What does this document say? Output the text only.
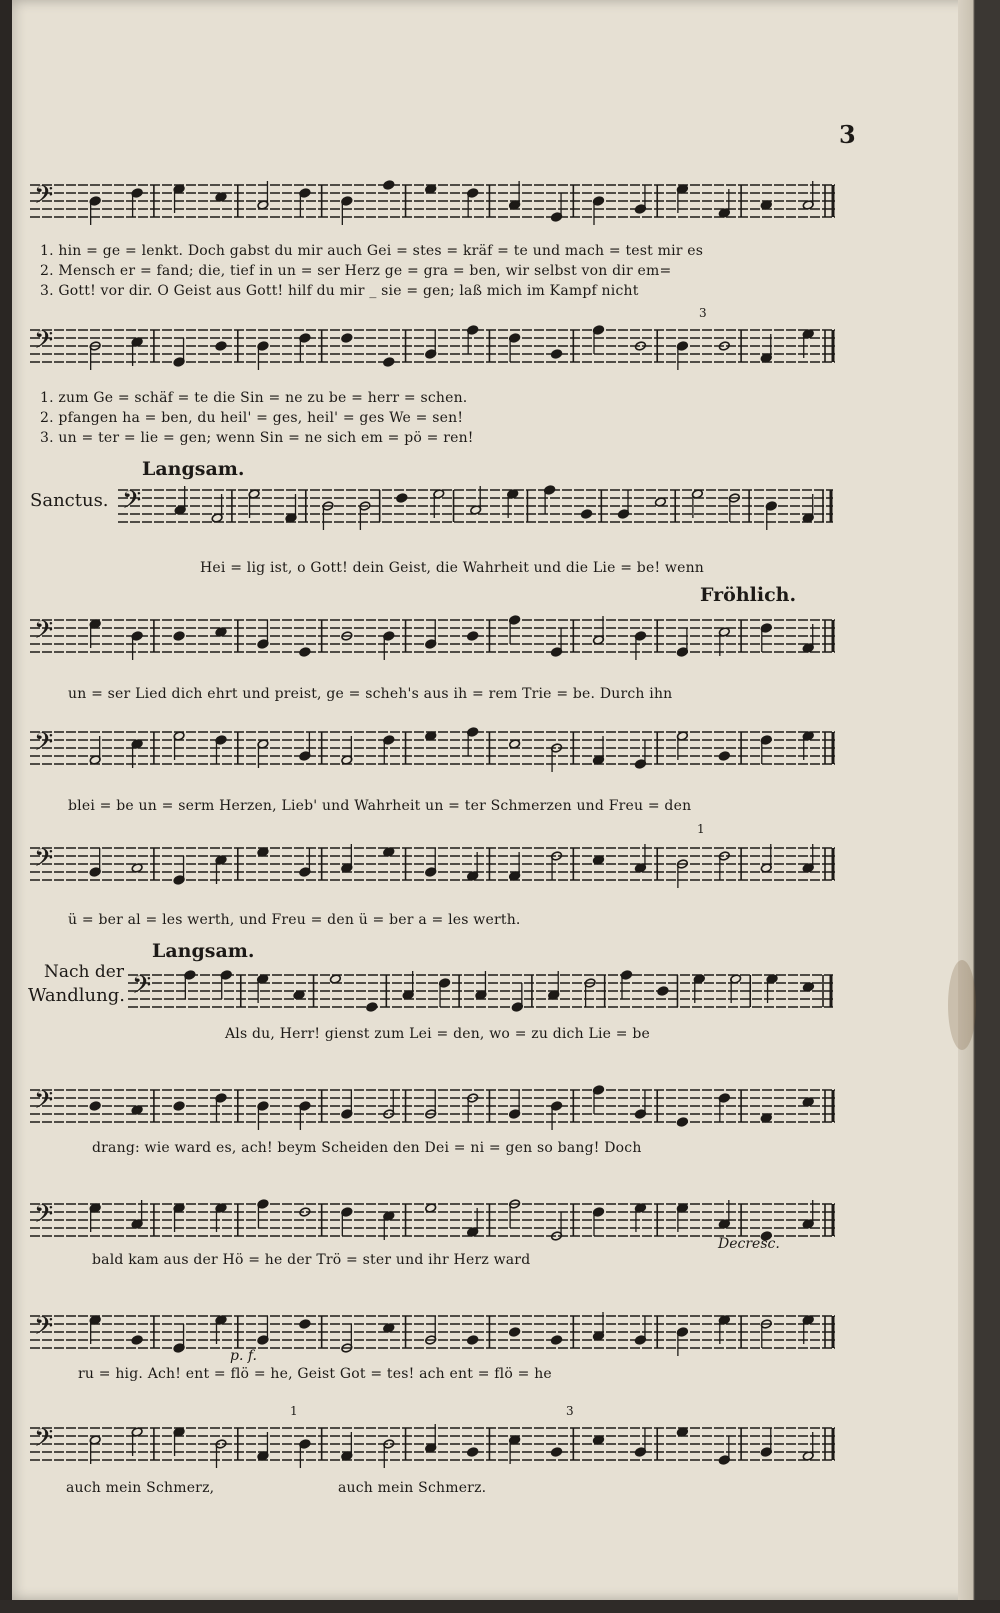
3
𝄢
1. hin = ge = lenkt. Doch gabst du mir auch Gei = stes = kräf = te und mach = test mir es
2. Mensch er = fand; die, tief in un = ser Herz ge = gra = ben, wir selbst von dir em=
3. Gott! vor dir. O Geist aus Gott! hilf du mir _ sie = gen; laß mich im Kampf nicht
𝄢
3
1. zum Ge = schäf = te die Sin = ne zu be = herr = schen.
2. pfangen ha = ben, du heil' = ges, heil' = ges We = sen!
3. un = ter = lie = gen; wenn Sin = ne sich em = pö = ren!
Langsam.
Sanctus. 𝄢
Hei = lig ist, o Gott! dein Geist, die Wahrheit und die Lie = be! wenn
Fröhlich.
𝄢
un = ser Lied dich ehrt und preist, ge = scheh's aus ih = rem Trie = be. Durch ihn
𝄢
blei = be un = serm Herzen, Lieb' und Wahrheit un = ter Schmerzen und Freu = den
1
𝄢
ü = ber al = les werth, und Freu = den ü = ber a = les werth.
Langsam.
Nach der
Wandlung. 𝄢
Als du, Herr! gienst zum Lei = den, wo = zu dich Lie = be
𝄢
drang: wie ward es, ach! beym Scheiden den Dei = ni = gen so bang! Doch
𝄢
Decresc.
bald kam aus der Hö = he der Trö = ster und ihr Herz ward
𝄢
p. f.
ru = hig. Ach! ent = flö = he, Geist Got = tes! ach ent = flö = he
1	3
𝄢
auch mein Schmerz,	auch mein Schmerz.
